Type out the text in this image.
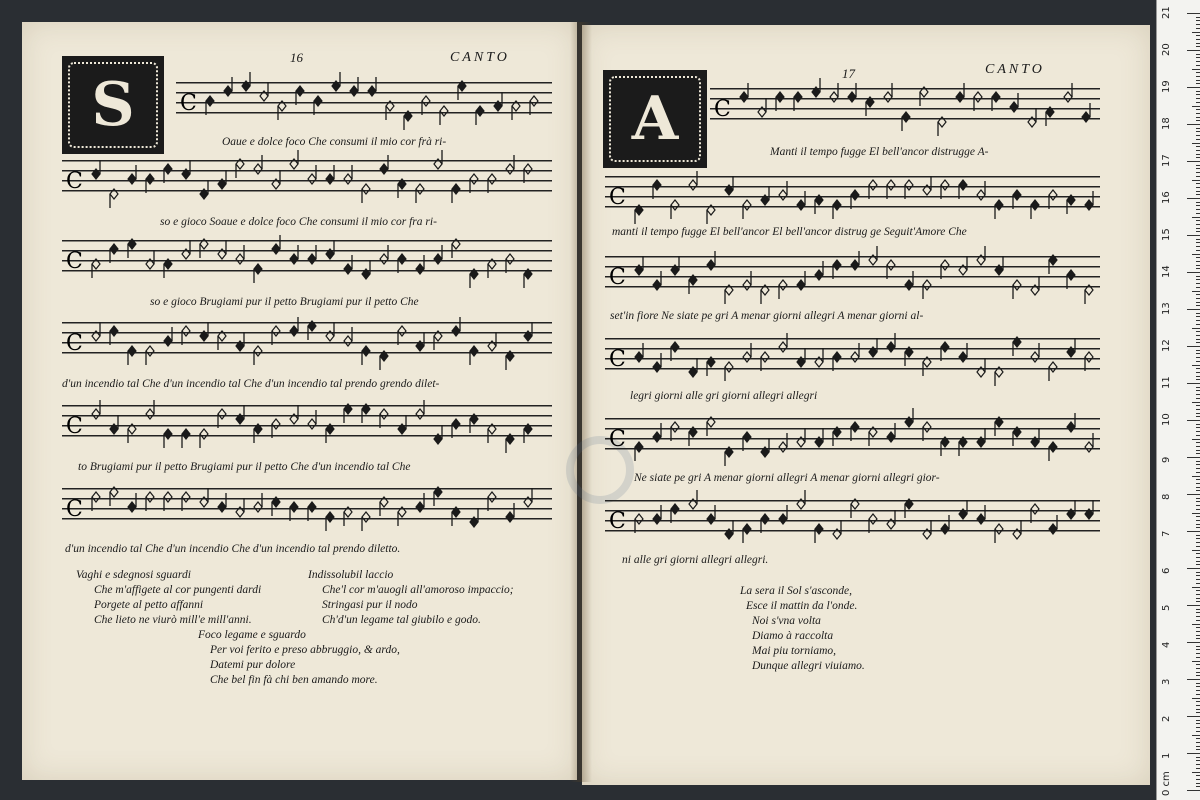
16	CANTO
S	17	CANTO
A
C
C
C
C
C
C
Oaue e dolce foco Che consumi il mio cor frà ri-
so e gioco Soaue e dolce foco Che consumi il mio cor fra ri-
so e gioco Brugiami pur il petto Brugiami pur il petto Che
d'un incendio tal Che d'un incendio tal Che d'un incendio tal prendo grendo dilet-
to Brugiami pur il petto Brugiami pur il petto Che d'un incendio tal Che
d'un incendio tal Che d'un incendio Che d'un incendio tal prendo diletto.
Vaghi e sdegnosi sguardi
Che m'affigete al cor pungenti dardi
Porgete al petto affanni
Che lieto ne viurò mill'e mill'anni.
Indissolubil laccio
Che'l cor m'auogli all'amoroso impaccio;
Stringasi pur il nodo
Ch'd'un legame tal giubilo e godo.
Foco legame e sguardo
Per voi ferito e preso abbruggio, & ardo,
Datemi pur dolore
Che bel fin fà chi ben amando more.
C
C
C
C
C
C
Manti il tempo fugge El bell'ancor distrugge A-
manti il tempo fugge El bell'ancor El bell'ancor distrug ge Seguit'Amore Che
set'in fiore Ne siate pe gri A menar giorni allegri A menar giorni al-
legri giorni alle gri giorni allegri allegri
Ne siate pe gri A menar giorni allegri A menar giorni allegri gior-
ni alle gri giorni allegri allegri.
La sera il Sol s'asconde,
Esce il mattin da l'onde.
Noi s'vna volta
Diamo à raccolta
Mai piu torniamo,
Dunque allegri viuiamo.
0 cm
1
2
3
4
5
6
7
8
9
10
11
12
13
14
15
16
17
18
19
20
21
